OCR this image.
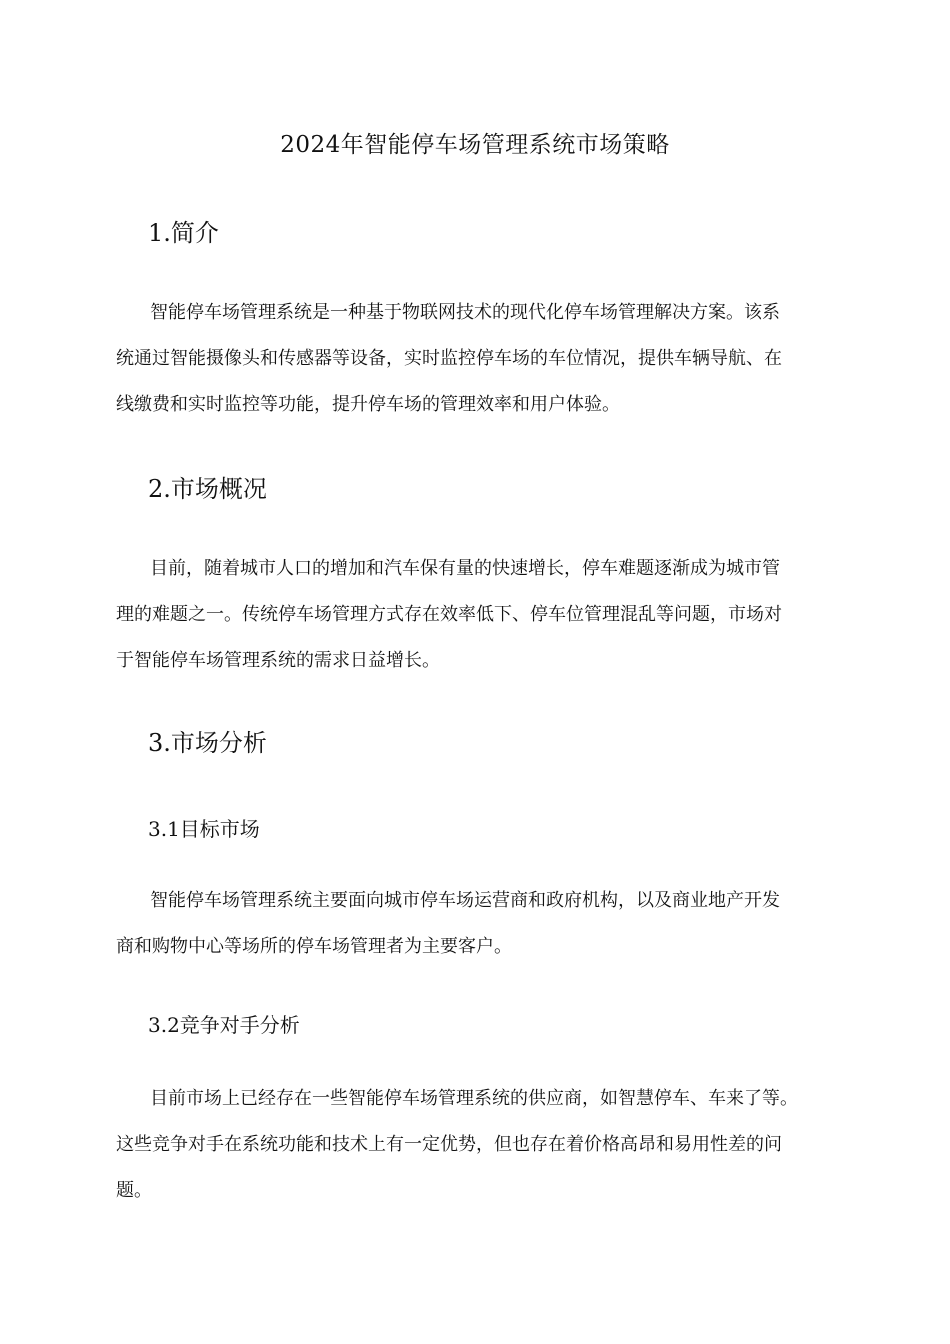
2024年智能停车场管理系统市场策略
1.简介
智能停车场管理系统是一种基于物联网技术的现代化停车场管理解决方案。该系
统通过智能摄像头和传感器等设备，实时监控停车场的车位情况，提供车辆导航、在
线缴费和实时监控等功能，提升停车场的管理效率和用户体验。
2.市场概况
目前，随着城市人口的增加和汽车保有量的快速增长，停车难题逐渐成为城市管
理的难题之一。传统停车场管理方式存在效率低下、停车位管理混乱等问题，市场对
于智能停车场管理系统的需求日益增长。
3.市场分析
3.1目标市场
智能停车场管理系统主要面向城市停车场运营商和政府机构，以及商业地产开发
商和购物中心等场所的停车场管理者为主要客户。
3.2竞争对手分析
目前市场上已经存在一些智能停车场管理系统的供应商，如智慧停车、车来了等。
这些竞争对手在系统功能和技术上有一定优势，但也存在着价格高昂和易用性差的问
题。
